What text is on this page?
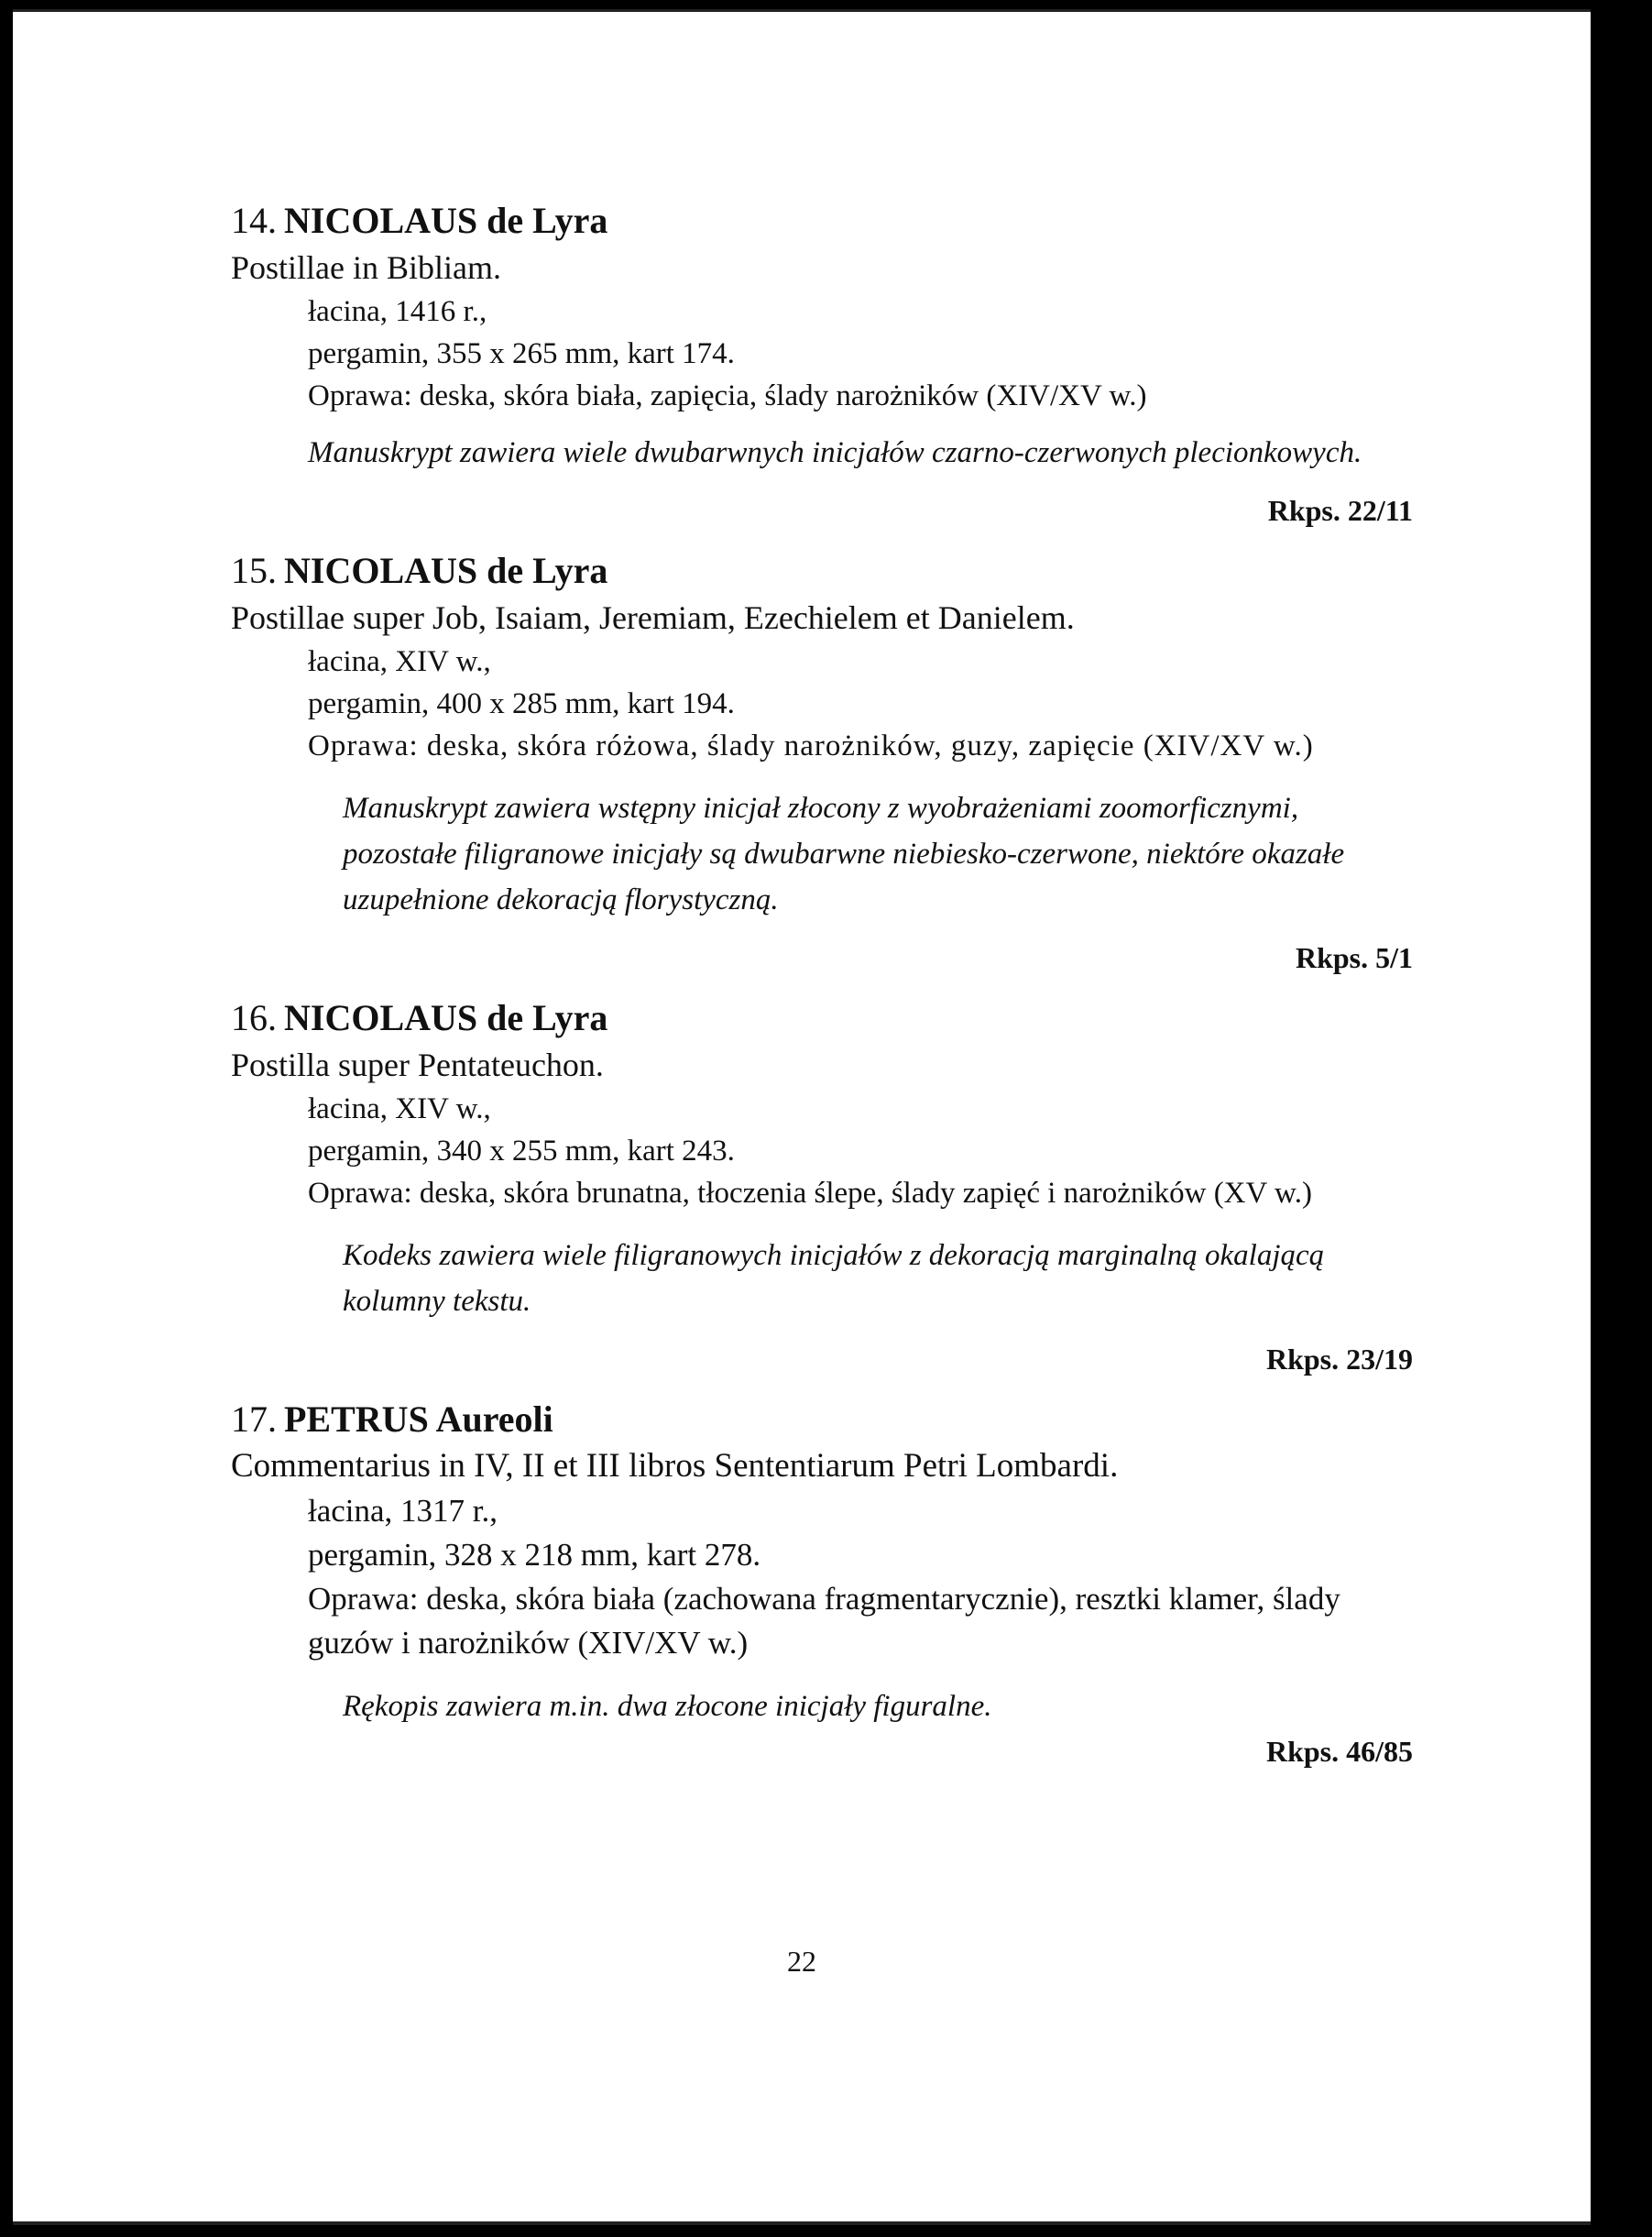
14. NICOLAUS de Lyra
Postillae in Bibliam.
łacina, 1416 r.,
pergamin, 355 x 265 mm, kart 174.
Oprawa: deska, skóra biała, zapięcia, ślady narożników (XIV/XV w.)
Manuskrypt zawiera wiele dwubarwnych inicjałów czarno-czerwonych plecionkowych.
Rkps. 22/11
15. NICOLAUS de Lyra
Postillae super Job, Isaiam, Jeremiam, Ezechielem et Danielem.
łacina, XIV w.,
pergamin, 400 x 285 mm, kart 194.
Oprawa: deska, skóra różowa, ślady narożników, guzy, zapięcie (XIV/XV w.)
Manuskrypt zawiera wstępny inicjał złocony z wyobrażeniami zoomorficznymi, pozostałe filigranowe inicjały są dwubarwne niebiesko-czerwone, niektóre okazałe uzupełnione dekoracją florystyczną.
Rkps. 5/1
16. NICOLAUS de Lyra
Postilla super Pentateuchon.
łacina, XIV w.,
pergamin, 340 x 255 mm, kart 243.
Oprawa: deska, skóra brunatna, tłoczenia ślepe, ślady zapięć i narożników (XV w.)
Kodeks zawiera wiele filigranowych inicjałów z dekoracją marginalną okalającą kolumny tekstu.
Rkps. 23/19
17. PETRUS Aureoli
Commentarius in IV, II et III libros Sententiarum Petri Lombardi.
łacina, 1317 r.,
pergamin, 328 x 218 mm, kart 278.
Oprawa: deska, skóra biała (zachowana fragmentarycznie), resztki klamer, ślady guzów i narożników (XIV/XV w.)
Rękopis zawiera m.in. dwa złocone inicjały figuralne.
Rkps. 46/85
22
